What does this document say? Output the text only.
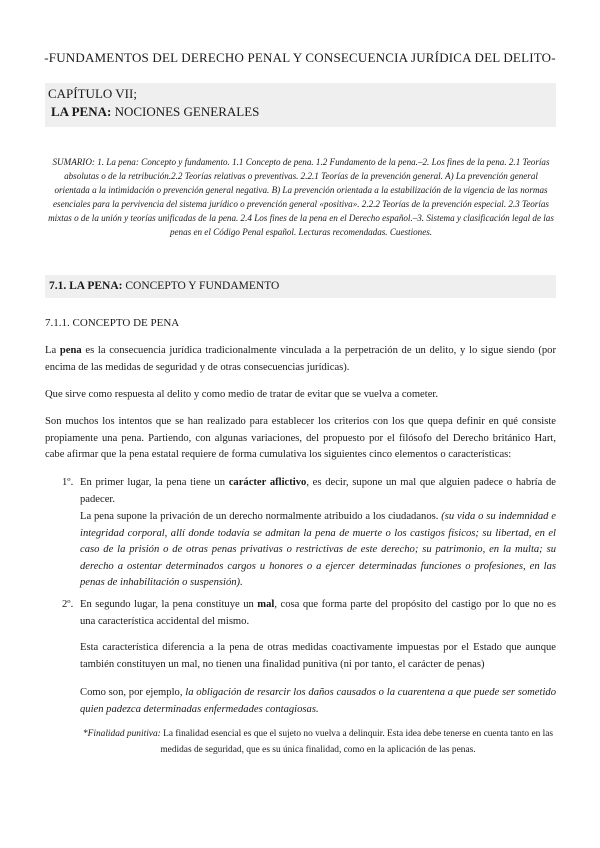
-FUNDAMENTOS DEL DERECHO PENAL Y CONSECUENCIA JURÍDICA DEL DELITO-
CAPÍTULO VII;
LA PENA: NOCIONES GENERALES
SUMARIO: 1. La pena: Concepto y fundamento. 1.1 Concepto de pena. 1.2 Fundamento de la pena.–2. Los fines de la pena. 2.1 Teorías absolutas o de la retribución.2.2 Teorías relativas o preventivas. 2.2.1 Teorías de la prevención general. A) La prevención general orientada a la intimidación o prevención general negativa. B) La prevención orientada a la estabilización de la vigencia de las normas esenciales para la pervivencia del sistema jurídico o prevención general «positiva». 2.2.2 Teorías de la prevención especial. 2.3 Teorías mixtas o de la unión y teorías unificadas de la pena. 2.4 Los fines de la pena en el Derecho español.–3. Sistema y clasificación legal de las penas en el Código Penal español. Lecturas recomendadas. Cuestiones.
7.1. LA PENA: CONCEPTO Y FUNDAMENTO
7.1.1. CONCEPTO DE PENA
La pena es la consecuencia jurídica tradicionalmente vinculada a la perpetración de un delito, y lo sigue siendo (por encima de las medidas de seguridad y de otras consecuencias jurídicas).
Que sirve como respuesta al delito y como medio de tratar de evitar que se vuelva a cometer.
Son muchos los intentos que se han realizado para establecer los criterios con los que quepa definir en qué consiste propiamente una pena. Partiendo, con algunas variaciones, del propuesto por el filósofo del Derecho británico Hart, cabe afirmar que la pena estatal requiere de forma cumulativa los siguientes cinco elementos o características:
1º. En primer lugar, la pena tiene un carácter aflictivo, es decir, supone un mal que alguien padece o habría de padecer.
La pena supone la privación de un derecho normalmente atribuido a los ciudadanos. (su vida o su indemnidad e integridad corporal, allí donde todavía se admitan la pena de muerte o los castigos físicos; su libertad, en el caso de la prisión o de otras penas privativas o restrictivas de este derecho; su patrimonio, en la multa; su derecho a ostentar determinados cargos u honores o a ejercer determinadas funciones o profesiones, en las penas de inhabilitación o suspensión).
2º. En segundo lugar, la pena constituye un mal, cosa que forma parte del propósito del castigo por lo que no es una característica accidental del mismo.
Esta característica diferencia a la pena de otras medidas coactivamente impuestas por el Estado que aunque también constituyen un mal, no tienen una finalidad punitiva (ni por tanto, el carácter de penas)
Como son, por ejemplo, la obligación de resarcir los daños causados o la cuarentena a que puede ser sometido quien padezca determinadas enfermedades contagiosas.
*Finalidad punitiva: La finalidad esencial es que el sujeto no vuelva a delinquir. Esta idea debe tenerse en cuenta tanto en las medidas de seguridad, que es su única finalidad, como en la aplicación de las penas.
